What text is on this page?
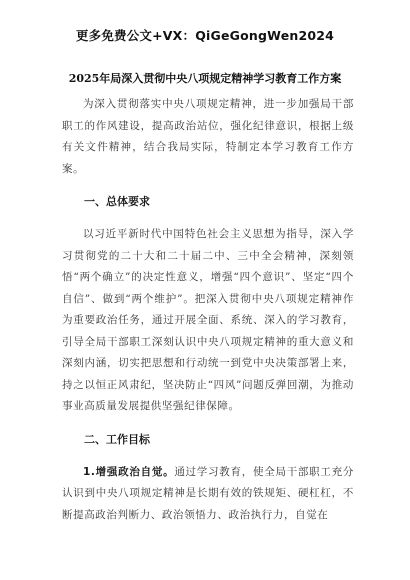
更多免费公文+VX：QiGeGongWen2024
2025年局深入贯彻中央八项规定精神学习教育工作方案

为深入贯彻落实中央八项规定精神，进一步加强局干部职工的作风建设，提高政治站位，强化纪律意识，根据上级有关文件精神，结合我局实际，特制定本学习教育工作方案。

一、总体要求

以习近平新时代中国特色社会主义思想为指导，深入学习贯彻党的二十大和二十届二中、三中全会精神，深刻领悟“两个确立”的决定性意义，增强“四个意识”、坚定“四个自信”、做到“两个维护”。把深入贯彻中央八项规定精神作为重要政治任务，通过开展全面、系统、深入的学习教育，引导全局干部职工深刻认识中央八项规定精神的重大意义和深刻内涵，切实把思想和行动统一到党中央决策部署上来，持之以恒正风肃纪，坚决防止“四风”问题反弹回潮，为推动事业高质量发展提供坚强纪律保障。

二、工作目标

1.增强政治自觉。通过学习教育，使全局干部职工充分认识到中央八项规定精神是长期有效的铁规矩、硬杠杠，不断提高政治判断力、政治领悟力、政治执行力，自觉在
